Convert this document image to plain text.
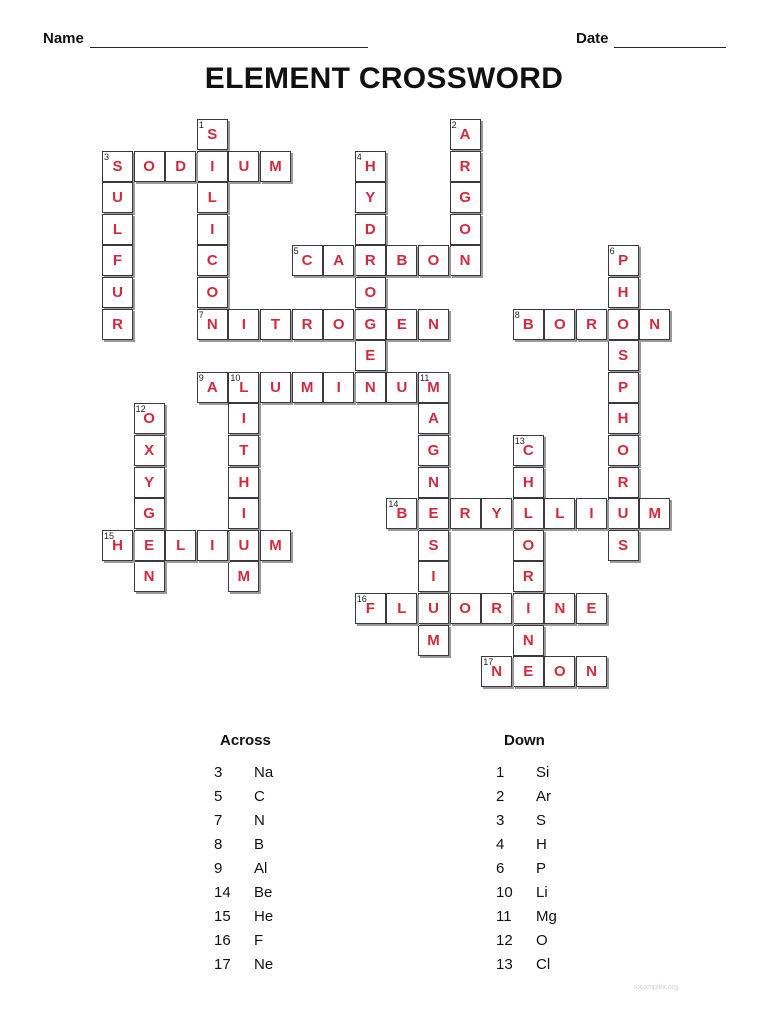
Name	Date
ELEMENT CROSSWORD
S
I
L
I
C
O
N
A
R
G
O
N
S	O	D	U	M
U
L
F
U
R
H
Y
D
R
O
G
E
N
C	A	B	O	P
H
O
S
P
H
O
R
U
S
I	T	R	O	E	N	B	O	R	N
A	L	U	M	I	U	M
I
T
H
I
U
M
A
G
N
E
S
I
U
M
O
X
Y
G
E
N
C
H
L
O
R
I
N
E
B	R	Y	L	I	M
H	L	I	M
F	L	O	R	N	E
N	O	N
1	2
3	4
5	6
7	8
9	10	11
12
13
14
15
16
17
Across	Down
3 Na
5 C
7 N
8 B
9 Al
14 Be
15 He
16 F
17 Ne
1 Si
2 Ar
3 S
4 H
6 P
10 Li
11 Mg
12 O
13 Cl
tocomplex.org
